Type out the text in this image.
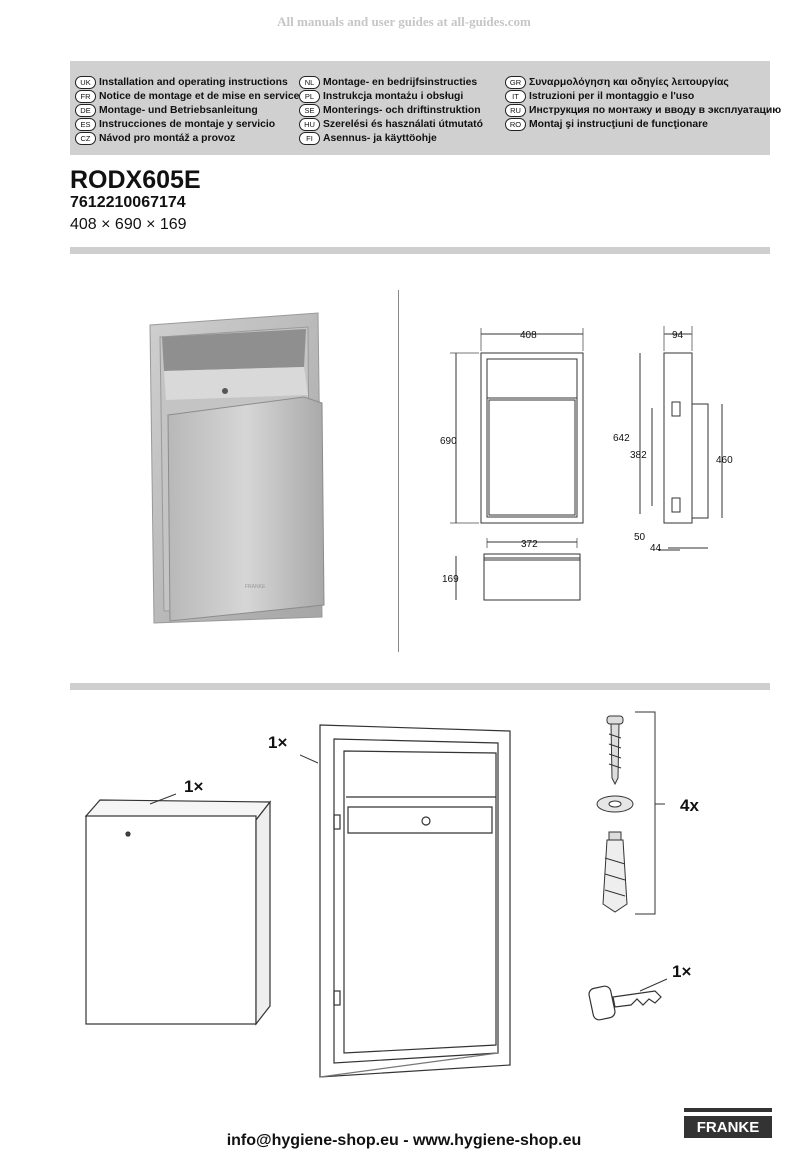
All manuals and user guides at all-guides.com
UK Installation and operating instructions
FR Notice de montage et de mise en service
DE Montage- und Betriebsanleitung
ES Instrucciones de montaje y servicio
CZ Návod pro montáž a provoz
NL Montage- en bedrijfsinstructies
PL Instrukcja montażu i obsługi
SE Monterings- och driftinstruktion
HU Szerelési és használati útmutató
FI Asennus- ja käyttöohje
GR Συναρμολόγηση και οδηγίες λειτουργίας
IT Istruzioni per il montaggio e l'uso
RU Инструкция по монтажу и вводу в эксплуатацию
RO Montaj şi instrucţiuni de funcţionare
RODX605E
7612210067174
408 × 690 × 169
FRANKE
408
690
372
169
94
642
382	460
50
44
1×
1×
4x
1×
FRANKE
info@hygiene-shop.eu - www.hygiene-shop.eu
